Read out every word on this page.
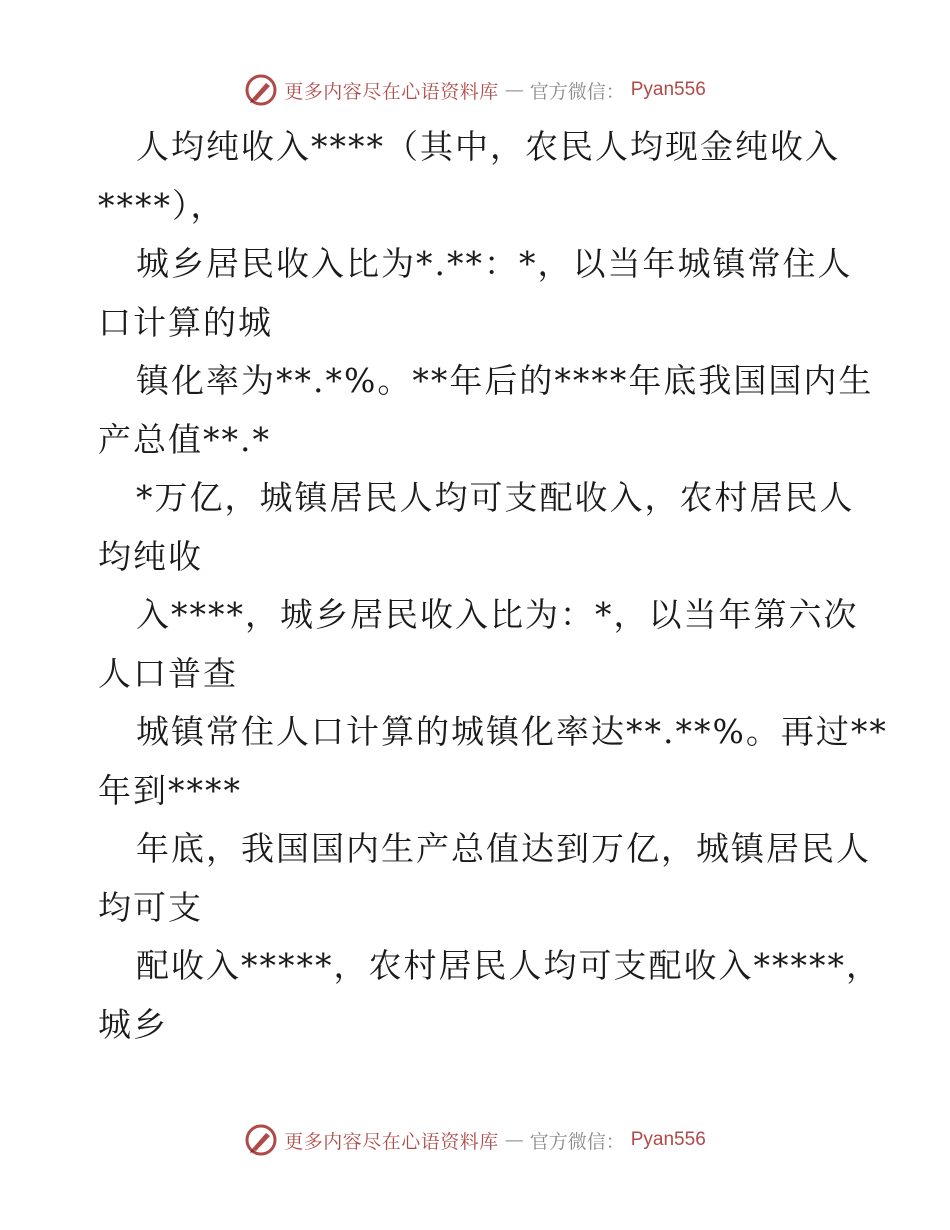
更多内容尽在心语资料库 — 官方微信： Pyan556
人均纯收入****（其中，农民人均现金纯收入
****），
城乡居民收入比为*.**：*，以当年城镇常住人
口计算的城
镇化率为**.*%。**年后的****年底我国国内生
产总值**.*
*万亿，城镇居民人均可支配收入，农村居民人
均纯收
入****，城乡居民收入比为：*，以当年第六次
人口普查
城镇常住人口计算的城镇化率达**.**%。再过**
年到****
年底，我国国内生产总值达到万亿，城镇居民人
均可支
配收入*****，农村居民人均可支配收入*****，
城乡
更多内容尽在心语资料库 — 官方微信： Pyan556
